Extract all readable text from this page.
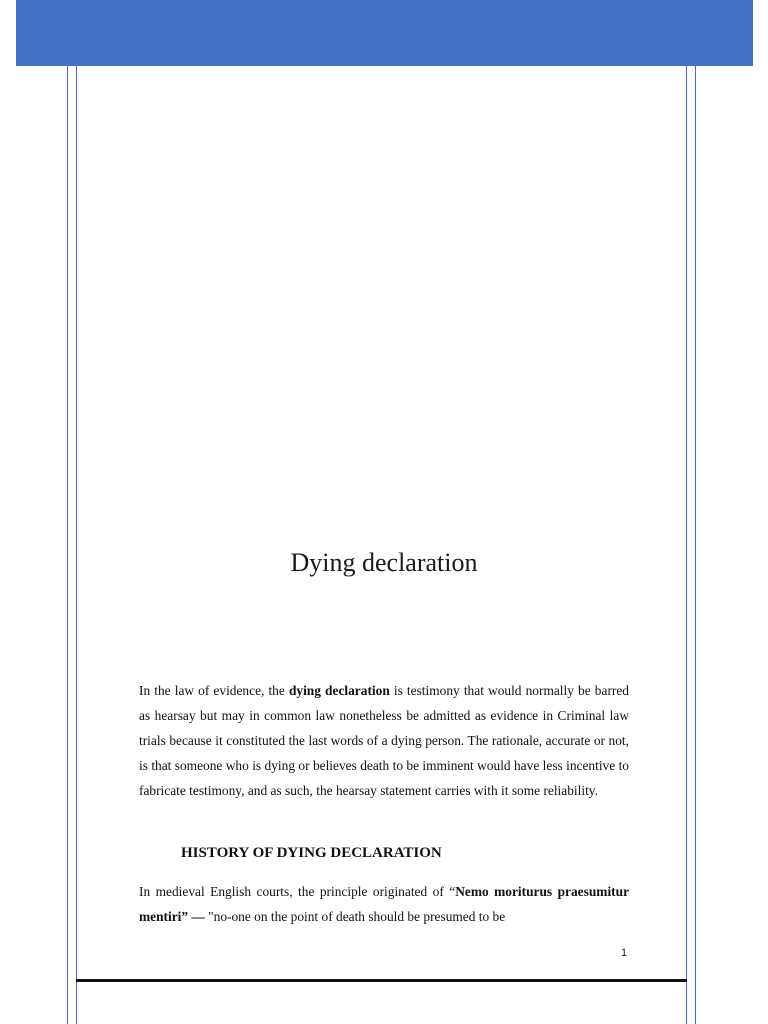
Dying declaration
In the law of evidence, the dying declaration is testimony that would normally be barred as hearsay but may in common law nonetheless be admitted as evidence in Criminal law trials because it constituted the last words of a dying person. The rationale, accurate or not, is that someone who is dying or believes death to be imminent would have less incentive to fabricate testimony, and as such, the hearsay statement carries with it some reliability.
HISTORY OF DYING DECLARATION
In medieval English courts, the principle originated of “Nemo moriturus praesumitur mentiri” — "no-one on the point of death should be presumed to be
1
